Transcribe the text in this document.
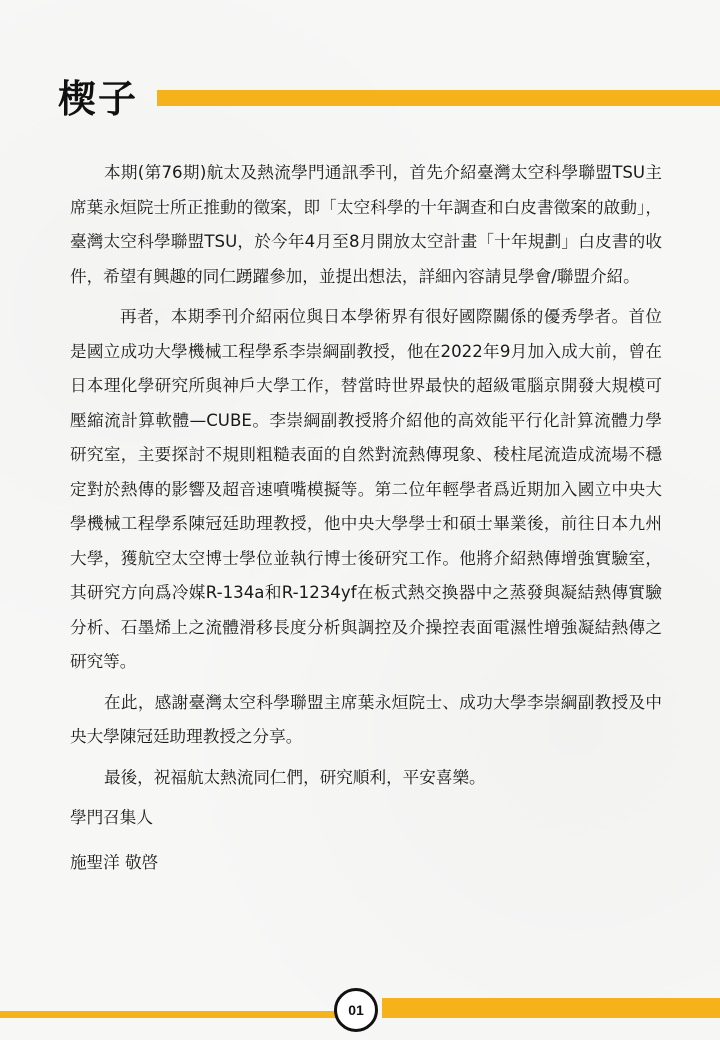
楔子

本期(第76期)航太及熱流學門通訊季刊，首先介紹臺灣太空科學聯盟TSU主席葉永烜院士所正推動的徵案，即「太空科學的十年調查和白皮書徵案的啟動」，臺灣太空科學聯盟TSU，於今年4月至8月開放太空計畫「十年規劃」白皮書的收件，希望有興趣的同仁踴躍參加，並提出想法，詳細內容請見學會/聯盟介紹。

再者，本期季刊介紹兩位與日本學術界有很好國際關係的優秀學者。首位是國立成功大學機械工程學系李崇綱副教授，他在2022年9月加入成大前，曾在日本理化學研究所與神戶大學工作，替當時世界最快的超級電腦京開發大規模可壓縮流計算軟體—CUBE。李崇綱副教授將介紹他的高效能平行化計算流體力學研究室，主要探討不規則粗糙表面的自然對流熱傳現象、稜柱尾流造成流場不穩定對於熱傳的影響及超音速噴嘴模擬等。第二位年輕學者爲近期加入國立中央大學機械工程學系陳冠廷助理教授，他中央大學學士和碩士畢業後，前往日本九州大學，獲航空太空博士學位並執行博士後研究工作。他將介紹熱傳增強實驗室，其研究方向爲冷媒R-134a和R-1234yf在板式熱交換器中之蒸發與凝結熱傳實驗分析、石墨烯上之流體滑移長度分析與調控及介操控表面電濕性增強凝結熱傳之研究等。

在此，感謝臺灣太空科學聯盟主席葉永烜院士、成功大學李崇綱副教授及中央大學陳冠廷助理教授之分享。

最後，祝福航太熱流同仁們，研究順利，平安喜樂。

學門召集人

施聖洋 敬啓

01
